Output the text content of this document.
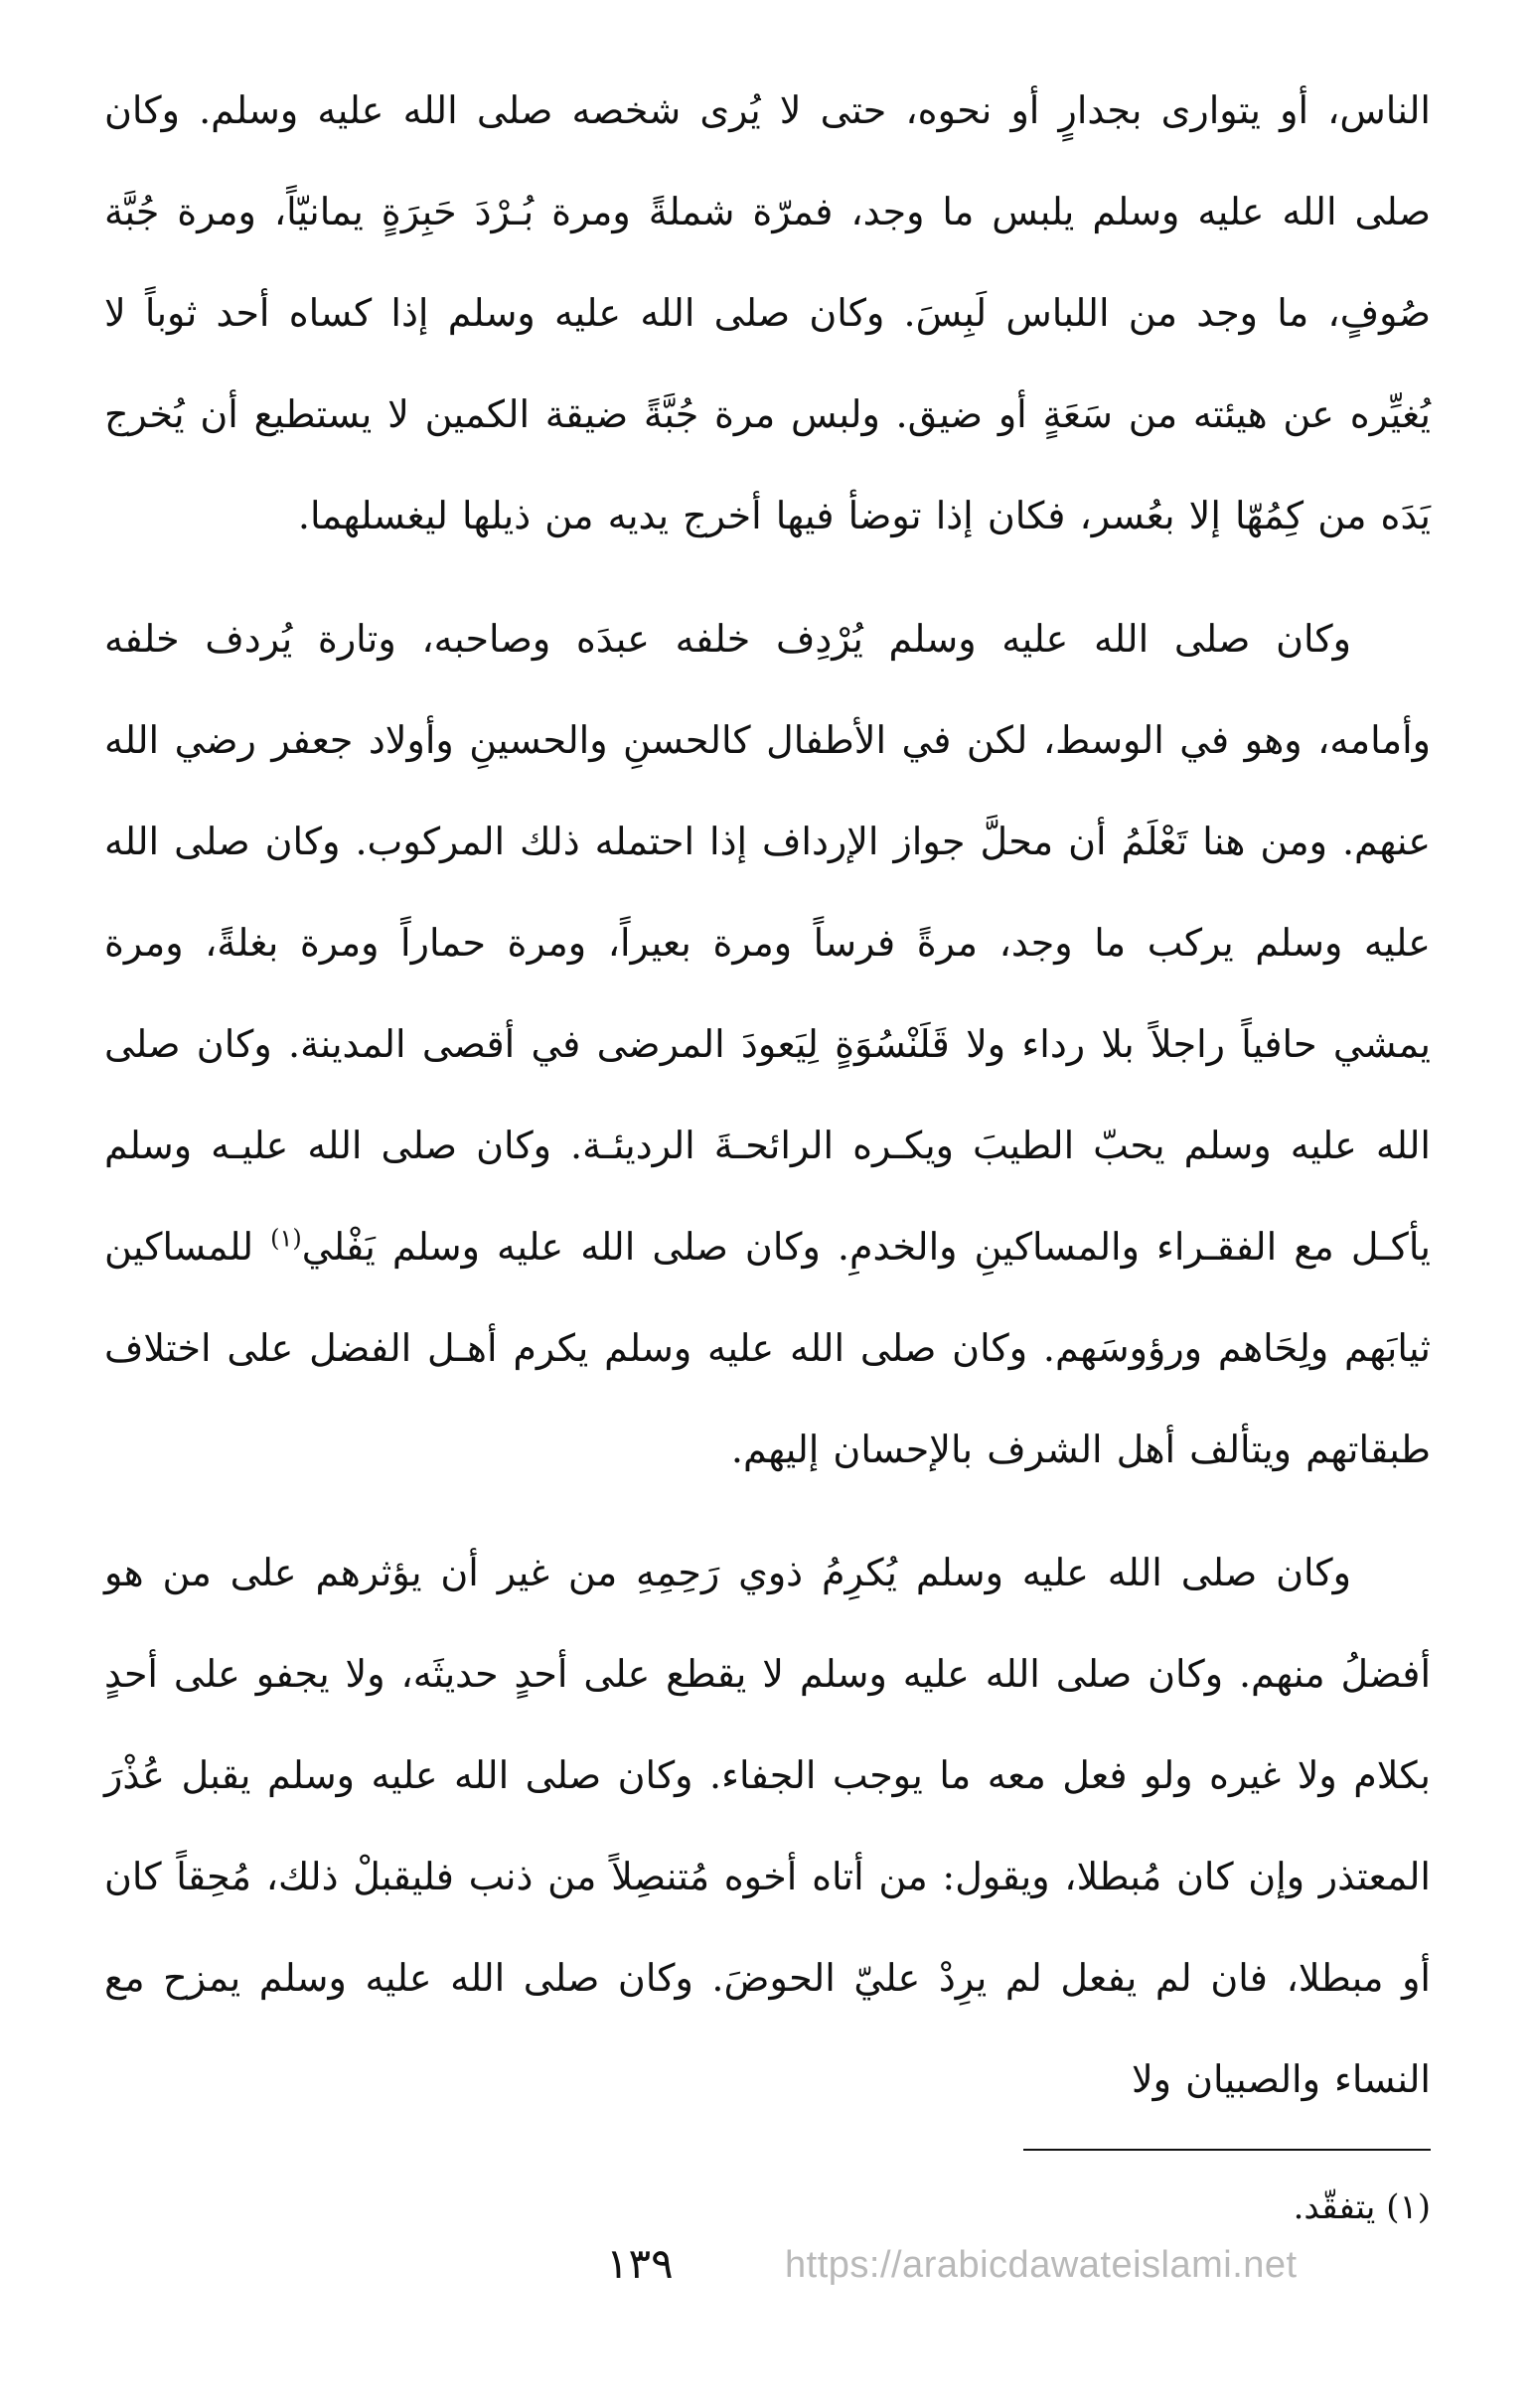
الناس، أو يتوارى بجدارٍ أو نحوه، حتى لا يُرى شخصه صلى الله عليه وسلم. وكان صلى الله عليه وسلم يلبس ما وجد، فمرّة شملةً ومرة بُـرْدَ حَبِرَةٍ يمانيّاً، ومرة جُبَّة صُوفٍ، ما وجد من اللباس لَبِسَ. وكان صلى الله عليه وسلم إذا كساه أحد ثوباً لا يُغيِّره عن هيئته من سَعَةٍ أو ضيق. ولبس مرة جُبَّةً ضيقة الكمين لا يستطيع أن يُخرج يَدَه من كِمُهّا إلا بعُسر، فكان إذا توضأ فيها أخرج يديه من ذيلها ليغسلهما.

وكان صلى الله عليه وسلم يُرْدِف خلفه عبدَه وصاحبه، وتارة يُردف خلفه وأمامه، وهو في الوسط، لكن في الأطفال كالحسنِ والحسينِ وأولاد جعفر رضي الله عنهم. ومن هنا تَعْلَمُ أن محلَّ جواز الإرداف إذا احتمله ذلك المركوب. وكان صلى الله عليه وسلم يركب ما وجد، مرةً فرساً ومرة بعيراً، ومرة حماراً ومرة بغلةً، ومرة يمشي حافياً راجلاً بلا رداء ولا قَلَنْسُوَةٍ لِيَعودَ المرضى في أقصى المدينة. وكان صلى الله عليه وسلم يحبّ الطيبَ ويكـره الرائحـةَ الرديئـة. وكان صلى الله عليـه وسلم يأكـل مع الفقـراء والمساكينِ والخدمِ. وكان صلى الله عليه وسلم يَفْلي$^{(١)}$ للمساكين ثيابَهم ولِحَاهم ورؤوسَهم. وكان صلى الله عليه وسلم يكرم أهـل الفضل على اختلاف طبقاتهم ويتألف أهل الشرف بالإحسان إليهم.

وكان صلى الله عليه وسلم يُكرِمُ ذوي رَحِمِهِ من غير أن يؤثرهم على من هو أفضلُ منهم. وكان صلى الله عليه وسلم لا يقطع على أحدٍ حديثَه، ولا يجفو على أحدٍ بكلام ولا غيره ولو فعل معه ما يوجب الجفاء. وكان صلى الله عليه وسلم يقبل عُذْرَ المعتذر وإن كان مُبطلا، ويقول: من أتاه أخوه مُتنصِلاً من ذنب فليقبلْ ذلك، مُحِقاً كان أو مبطلا، فان لم يفعل لم يرِدْ عليّ الحوضَ. وكان صلى الله عليه وسلم يمزح مع النساء والصبيان ولا

(١) يتفقّد.

١٣٩	https://arabicdawateislami.net
